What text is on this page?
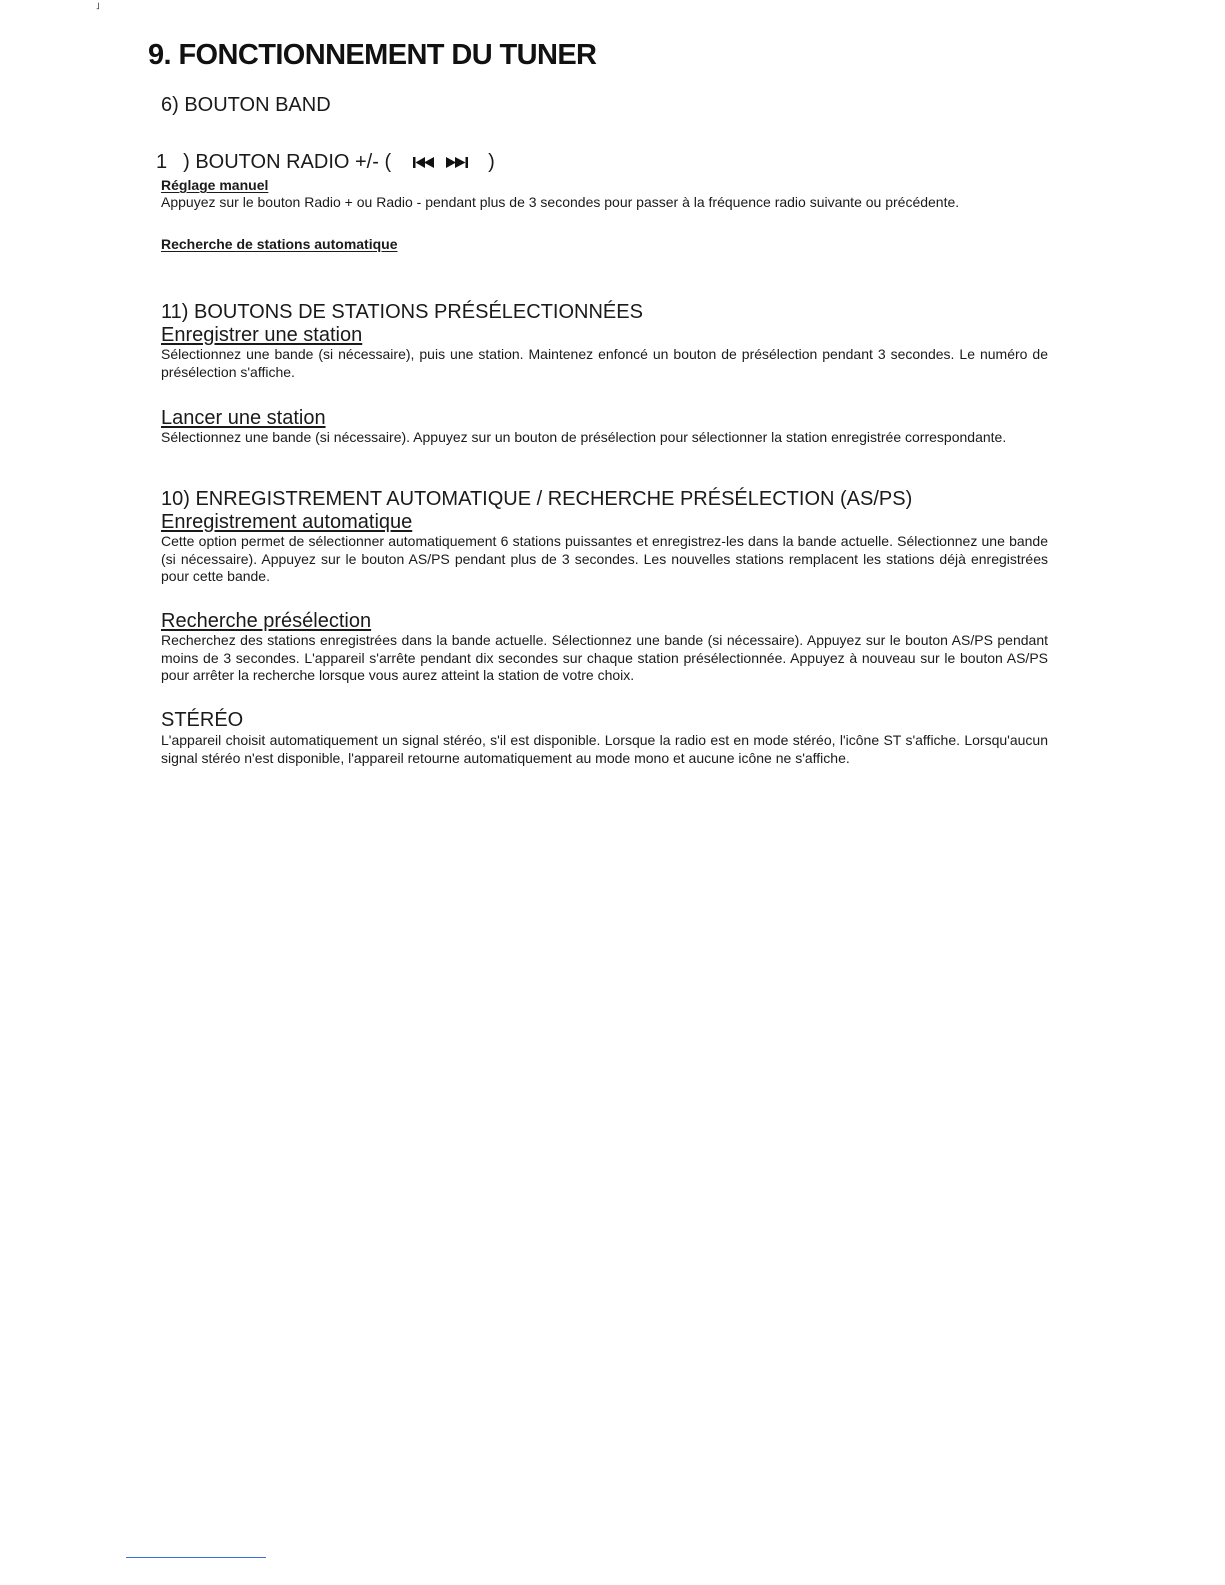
˩
9. FONCTIONNEMENT DU TUNER
6) BOUTON BAND
1 ) BOUTON RADIO +/- (	)
Réglage manuel

Appuyez sur le bouton Radio + ou Radio - pendant plus de 3 secondes pour passer à la fréquence radio suivante ou précédente.

Recherche de stations automatique
11) BOUTONS DE STATIONS PRÉSÉLECTIONNÉES
Enregistrer une station

Sélectionnez une bande (si nécessaire), puis une station. Maintenez enfoncé un bouton de présélection pendant 3 secondes. Le numéro de présélection s'affiche.

Lancer une station

Sélectionnez une bande (si nécessaire). Appuyez sur un bouton de présélection pour sélectionner la station enregistrée correspondante.

10) ENREGISTREMENT AUTOMATIQUE / RECHERCHE PRÉSÉLECTION (AS/PS)
Enregistrement automatique

Cette option permet de sélectionner automatiquement 6 stations puissantes et enregistrez-les dans la bande actuelle. Sélectionnez une bande (si nécessaire). Appuyez sur le bouton AS/PS pendant plus de 3 secondes. Les nouvelles stations remplacent les stations déjà enregistrées pour cette bande.

Recherche présélection

Recherchez des stations enregistrées dans la bande actuelle. Sélectionnez une bande (si nécessaire). Appuyez sur le bouton AS/PS pendant moins de 3 secondes. L'appareil s'arrête pendant dix secondes sur chaque station présélectionnée. Appuyez à nouveau sur le bouton AS/PS pour arrêter la recherche lorsque vous aurez atteint la station de votre choix.

STÉRÉO

L'appareil choisit automatiquement un signal stéréo, s'il est disponible. Lorsque la radio est en mode stéréo, l'icône ST s'affiche. Lorsqu'aucun signal stéréo n'est disponible, l'appareil retourne automatiquement au mode mono et aucune icône ne s'affiche.
